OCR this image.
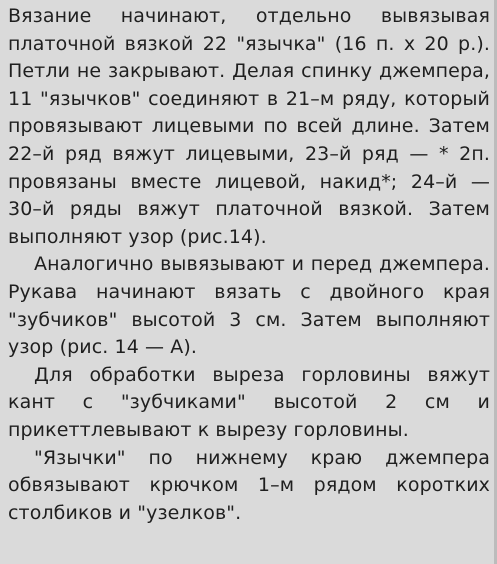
Вязание начинают, отдельно вывязывая платочной вязкой 22 "язычка" (16 п. х 20 р.). Петли не закрывают. Делая спинку джемпера, 11 "язычков" соединяют в 21–м ряду, который провязывают лицевыми по всей длине. Затем 22–й ряд вяжут лицевыми, 23–й ряд — * 2п. провязаны вместе лицевой, накид*; 24–й — 30–й ряды вяжут платочной вязкой. Затем выполняют узор (рис.14).

Аналогично вывязывают и перед джемпера. Рукава начинают вязать с двойного края "зубчиков" высотой 3 см. Затем выполняют узор (рис. 14 — А).

Для обработки выреза горловины вяжут кант с "зубчиками" высотой 2 см и прикеттлевывают к вырезу горловины.

"Язычки" по нижнему краю джемпера обвязывают крючком 1–м рядом коротких столбиков и "узелков".
